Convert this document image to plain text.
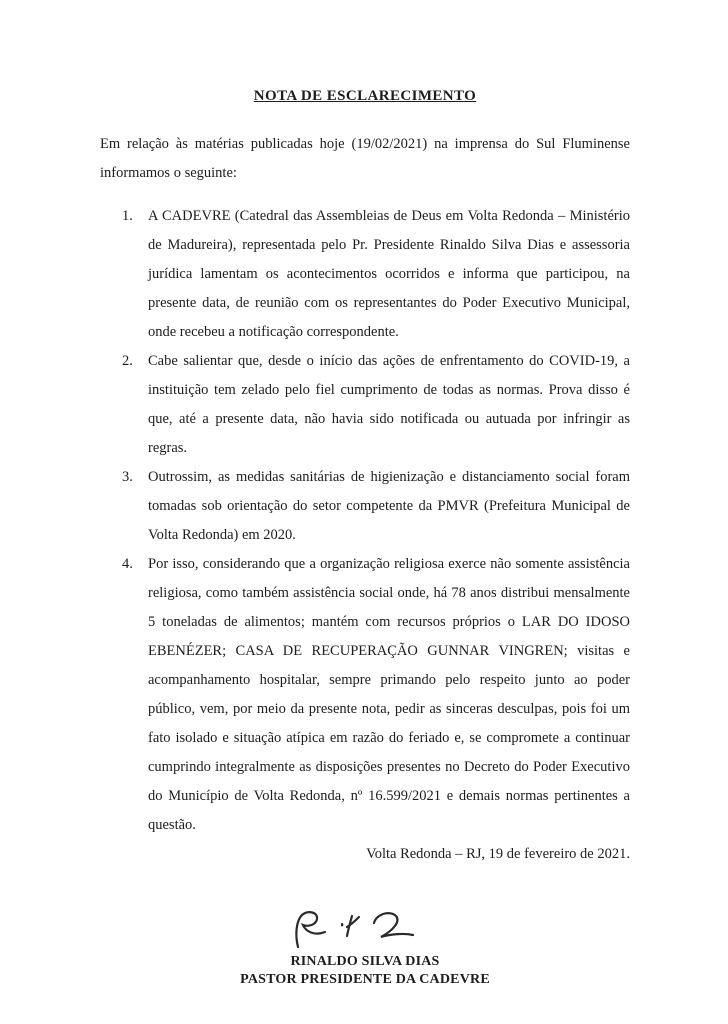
NOTA DE ESCLARECIMENTO

Em relação às matérias publicadas hoje (19/02/2021) na imprensa do Sul Fluminense informamos o seguinte:

1.	A CADEVRE (Catedral das Assembleias de Deus em Volta Redonda – Ministério de Madureira), representada pelo Pr. Presidente Rinaldo Silva Dias e assessoria jurídica lamentam os acontecimentos ocorridos e informa que participou, na presente data, de reunião com os representantes do Poder Executivo Municipal, onde recebeu a notificação correspondente.
2.	Cabe salientar que, desde o início das ações de enfrentamento do COVID-19, a instituição tem zelado pelo fiel cumprimento de todas as normas. Prova disso é que, até a presente data, não havia sido notificada ou autuada por infringir as regras.
3.	Outrossim, as medidas sanitárias de higienização e distanciamento social foram tomadas sob orientação do setor competente da PMVR (Prefeitura Municipal de Volta Redonda) em 2020.
4.	Por isso, considerando que a organização religiosa exerce não somente assistência religiosa, como também assistência social onde, há 78 anos distribui mensalmente 5 toneladas de alimentos; mantém com recursos próprios o LAR DO IDOSO EBENÉZER; CASA DE RECUPERAÇÃO GUNNAR VINGREN; visitas e acompanhamento hospitalar, sempre primando pelo respeito junto ao poder público, vem, por meio da presente nota, pedir as sinceras desculpas, pois foi um fato isolado e situação atípica em razão do feriado e, se compromete a continuar cumprindo integralmente as disposições presentes no Decreto do Poder Executivo do Município de Volta Redonda, nº 16.599/2021 e demais normas pertinentes a questão.

Volta Redonda – RJ, 19 de fevereiro de 2021.

RINALDO SILVA DIAS

PASTOR PRESIDENTE DA CADEVRE
